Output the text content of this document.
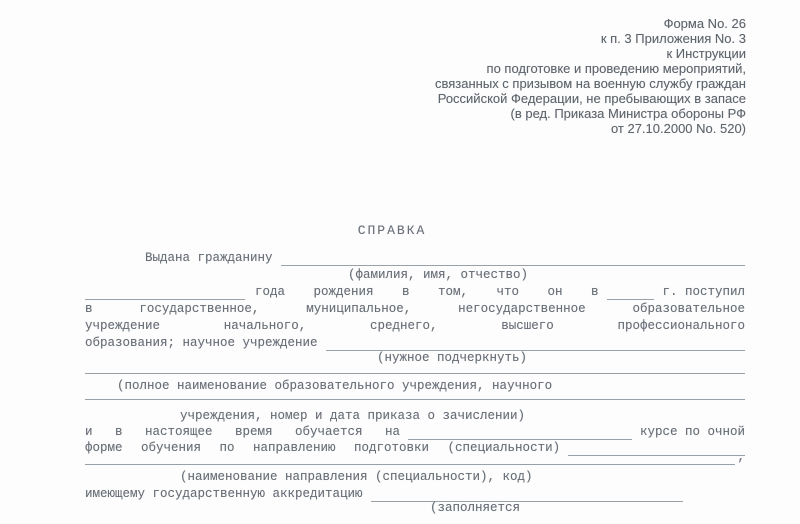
Форма No. 26
к п. 3 Приложения No. 3
к Инструкции
по подготовке и проведению мероприятий,
связанных с призывом на военную службу граждан
Российской Федерации, не пребывающих в запасе
(в ред. Приказа Министра обороны РФ
от 27.10.2000 No. 520)
СПРАВКА
Выдана гражданину
(фамилия, имя, отчество)
года рождения в том, что он в	г. поступил
в государственное, муниципальное, негосударственное образовательное
учреждение начального, среднего, высшего профессионального
образования; научное учреждение
(нужное подчеркнуть)
(полное наименование образовательного учреждения, научного
учреждения, номер и дата приказа о зачислении)
и в настоящее время обучается на	курсе по очной
форме обучения по направлению подготовки (специальности)
,
(наименование направления (специальности), код)
имеющему государственную аккредитацию
(заполняется
